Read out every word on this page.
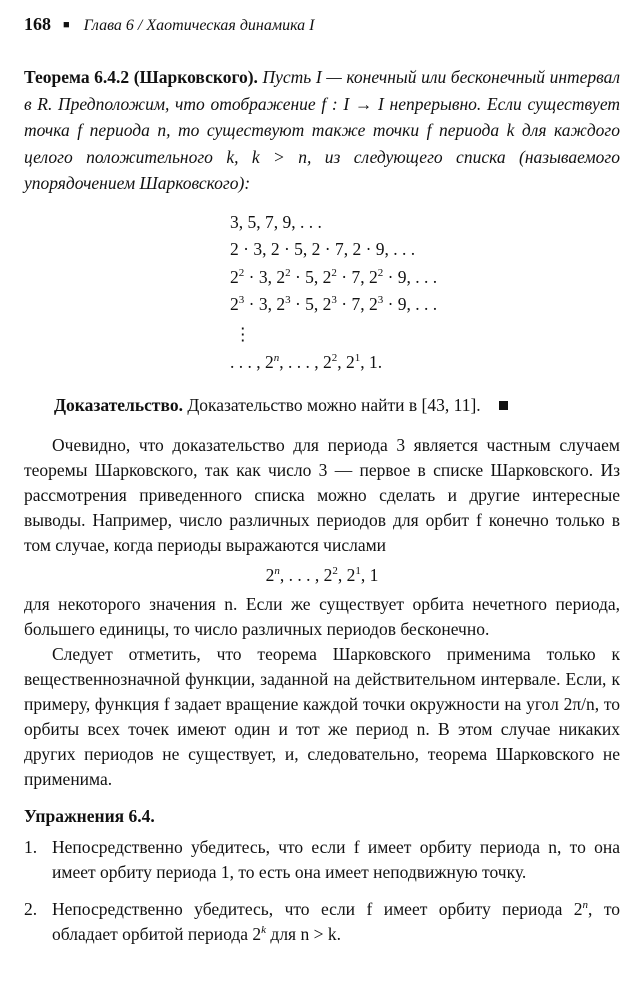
168 ■ Глава 6 / Хаотическая динамика I
Теорема 6.4.2 (Шарковского). Пусть I — конечный или бесконечный интервал в R. Предположим, что отображение f : I → I непрерывно. Если существует точка f периода n, то существуют также точки f периода k для каждого целого положительного k, k > n, из следующего списка (называемого упорядочением Шарковского):
3, 5, 7, 9, . . .
2 · 3, 2 · 5, 2 · 7, 2 · 9, . . .
$2^2 \cdot 3$, $2^2 \cdot 5$, $2^2 \cdot 7$, $2^2 \cdot 9$, . . .
$2^3 \cdot 3$, $2^3 \cdot 5$, $2^3 \cdot 7$, $2^3 \cdot 9$, . . .
⋮
. . . , 2$^n$, . . . , $2^2$, $2^1$, 1.
Доказательство. Доказательство можно найти в [43, 11].

Очевидно, что доказательство для периода 3 является частным случаем теоремы Шарковского, так как число 3 — первое в списке Шарковского. Из рассмотрения приведенного списка можно сделать и другие интересные выводы. Например, число различных периодов для орбит f конечно только в том случае, когда периоды выражаются числами

2$^n$, . . . , $2^2$, $2^1$, 1

для некоторого значения n. Если же существует орбита нечетного периода, большего единицы, то число различных периодов бесконечно.

Следует отметить, что теорема Шарковского применима только к вещественнозначной функции, заданной на действительном интервале. Если, к примеру, функция f задает вращение каждой точки окружности на угол 2π/n, то орбиты всех точек имеют один и тот же период n. В этом случае никаких других периодов не существует, и, следовательно, теорема Шарковского не применима.

Упражнения 6.4.
1. Непосредственно убедитесь, что если f имеет орбиту периода n, то она имеет орбиту периода 1, то есть она имеет неподвижную точку.
2. Непосредственно убедитесь, что если f имеет орбиту периода 2$^n$, то обладает орбитой периода 2$^k$ для n > k.
